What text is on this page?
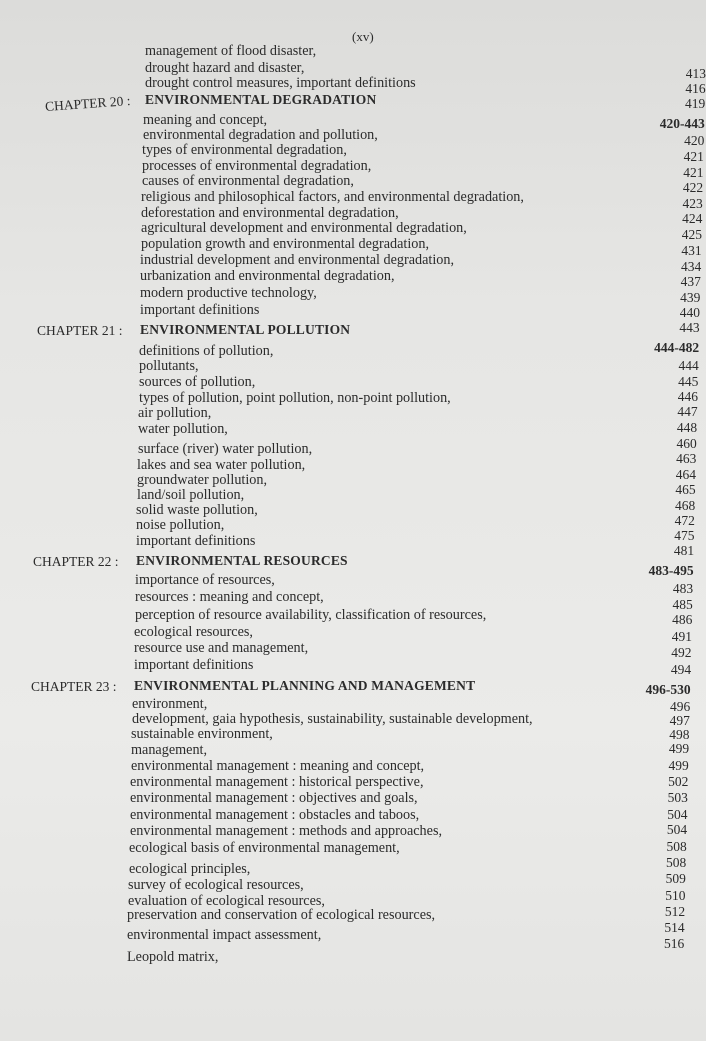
(xv)
management of flood disaster,
drought hazard and disaster,
drought control measures, important definitions
CHAPTER 20 : ENVIRONMENTAL DEGRADATION
meaning and concept,
environmental degradation and pollution,
types of environmental degradation,
processes of environmental degradation,
causes of environmental degradation,
religious and philosophical factors, and environmental degradation,
deforestation and environmental degradation,
agricultural development and environmental degradation,
population growth and environmental degradation,
industrial development and environmental degradation,
urbanization and environmental degradation,
modern productive technology,
important definitions
CHAPTER 21 : ENVIRONMENTAL POLLUTION
definitions of pollution,
pollutants,
sources of pollution,
types of pollution, point pollution, non-point pollution,
air pollution,
water pollution,
surface (river) water pollution,
lakes and sea water pollution,
groundwater pollution,
land/soil pollution,
solid waste pollution,
noise pollution,
important definitions
CHAPTER 22 : ENVIRONMENTAL RESOURCES
importance of resources,
resources : meaning and concept,
perception of resource availability, classification of resources,
ecological resources,
resource use and management,
important definitions
CHAPTER 23 : ENVIRONMENTAL PLANNING AND MANAGEMENT
environment,
development, gaia hypothesis, sustainability, sustainable development,
sustainable environment,
management,
environmental management : meaning and concept,
environmental management : historical perspective,
environmental management : objectives and goals,
environmental management : obstacles and taboos,
environmental management : methods and approaches,
ecological basis of environmental management,
ecological principles,
survey of ecological resources,
evaluation of ecological resources,
preservation and conservation of ecological resources,
environmental impact assessment,
Leopold matrix,
413
416
419
420-443
420
421
421
422
423
424
425
431
434
437
439
440
443
444-482
444
445
446
447
448
460
463
464
465
468
472
475
481
483-495
483
485
486
491
492
494
496-530
496
497
498
499
499
502
503
504
504
508
508
509
510
512
514
516
